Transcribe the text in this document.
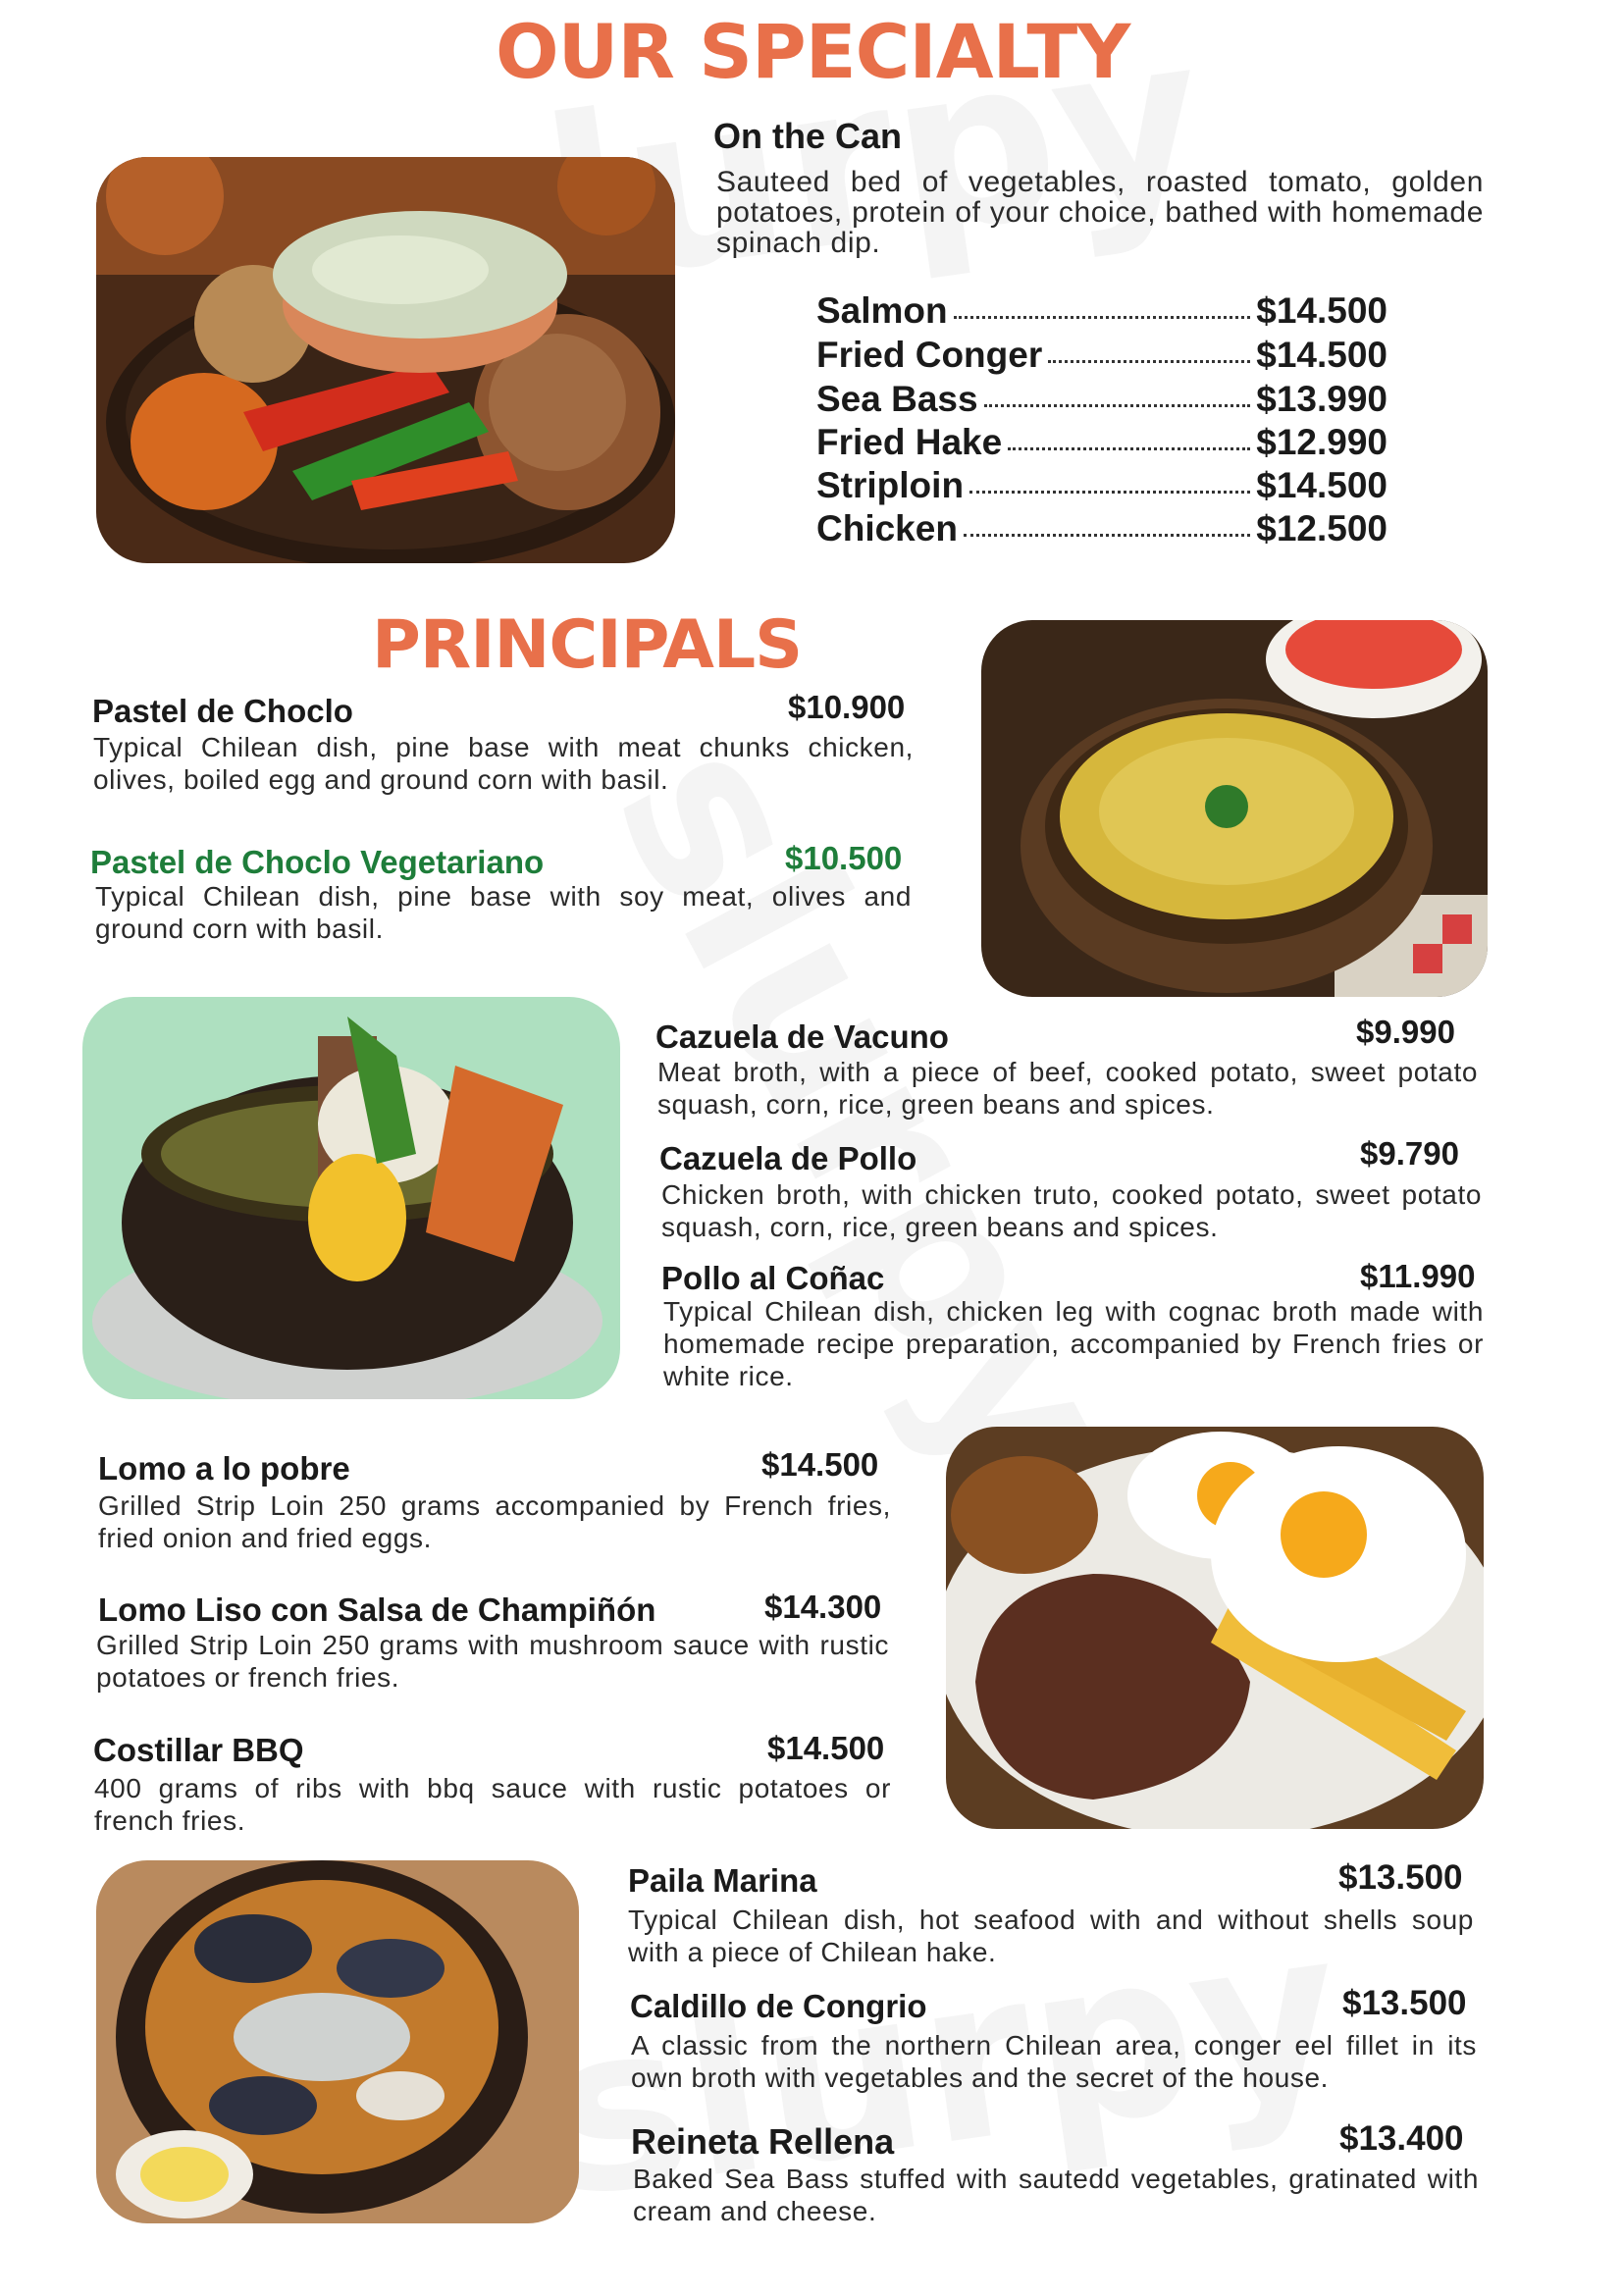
OUR SPECIALTY
On the Can
Sauteed bed of vegetables, roasted tomato, golden potatoes, protein of your choice, bathed with homemade spinach dip.
Salmon	$14.500
Fried Conger	$14.500
Sea Bass	$13.990
Fried Hake	$12.990
Striploin	$14.500
Chicken	$12.500
PRINCIPALS
Pastel de Choclo	$10.900
Typical Chilean dish, pine base with meat chunks chicken, olives, boiled egg and ground corn with basil.
Pastel de Choclo Vegetariano	$10.500
Typical Chilean dish, pine base with soy meat, olives and ground corn with basil.
Cazuela de Vacuno	$9.990
Meat broth, with a piece of beef, cooked potato, sweet potato squash, corn, rice, green beans and spices.
Cazuela de Pollo	$9.790
Chicken broth, with chicken truto, cooked potato, sweet potato squash, corn, rice, green beans and spices.
Pollo al Coñac	$11.990
Typical Chilean dish, chicken leg with cognac broth made with homemade recipe preparation, accompanied by French fries or white rice.
Lomo a lo pobre	$14.500
Grilled Strip Loin 250 grams accompanied by French fries, fried onion and fried eggs.
Lomo Liso con Salsa de Champiñón	$14.300
Grilled Strip Loin 250 grams with mushroom sauce with rustic potatoes or french fries.
Costillar BBQ	$14.500
400 grams of ribs with bbq sauce with rustic potatoes or french fries.
Paila Marina	$13.500
Typical Chilean dish, hot seafood with and without shells soup with a piece of Chilean hake.
Caldillo de Congrio	$13.500
A classic from the northern Chilean area, conger eel fillet in its own broth with vegetables and the secret of the house.
Reineta Rellena	$13.400
Baked Sea Bass stuffed with sautedd vegetables, gratinated with cream and cheese.
